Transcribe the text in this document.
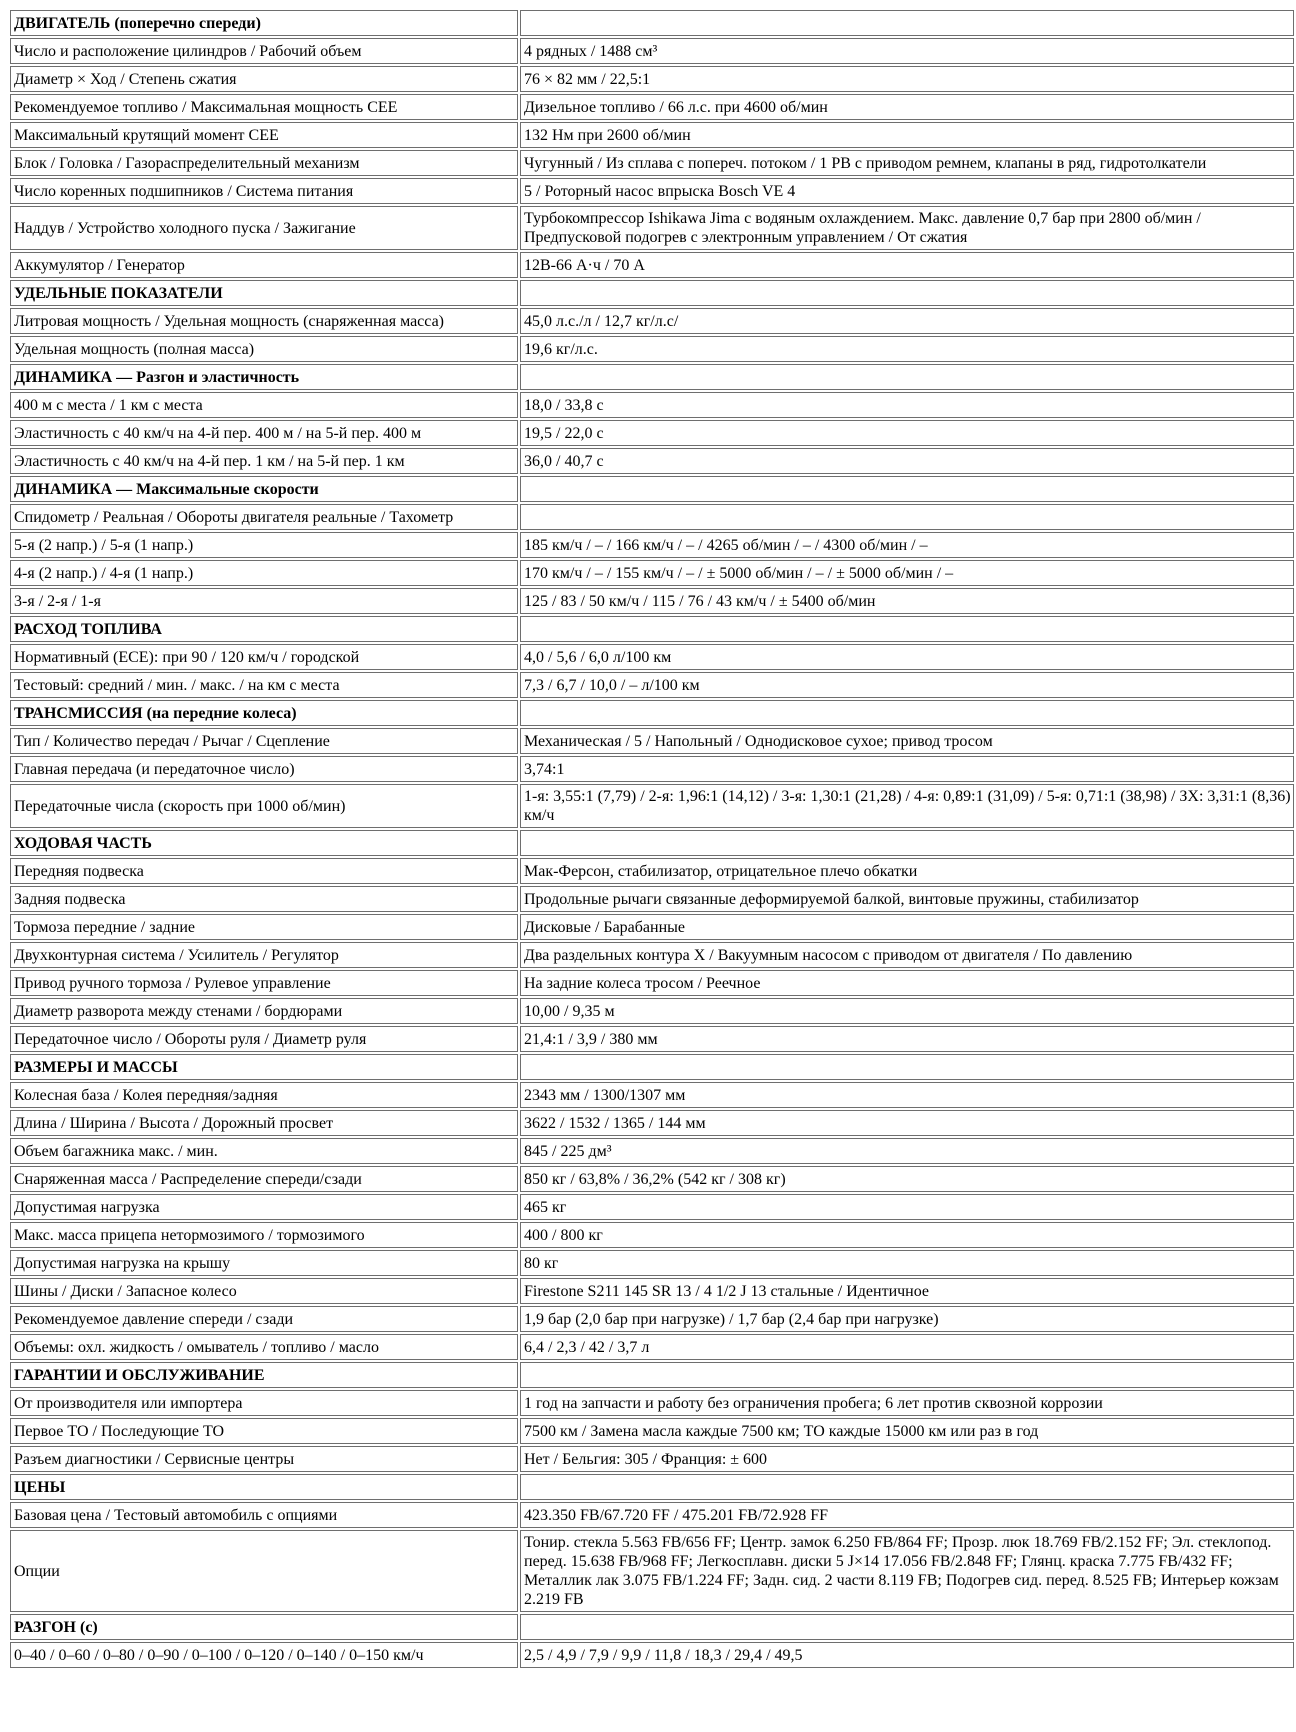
ДВИГАТЕЛЬ (поперечно спереди)	
Число и расположение цилиндров / Рабочий объем	4 рядных / 1488 см³
Диаметр × Ход / Степень сжатия	76 × 82 мм / 22,5:1
Рекомендуемое топливо / Максимальная мощность CEE	Дизельное топливо / 66 л.с. при 4600 об/мин
Максимальный крутящий момент CEE	132 Нм при 2600 об/мин
Блок / Головка / Газораспределительный механизм	Чугунный / Из сплава с попереч. потоком / 1 РВ с приводом ремнем, клапаны в ряд, гидротолкатели
Число коренных подшипников / Система питания	5 / Роторный насос впрыска Bosch VE 4
Наддув / Устройство холодного пуска / Зажигание	Турбокомпрессор Ishikawa Jima с водяным охлаждением. Макс. давление 0,7 бар при 2800 об/мин / Предпусковой подогрев с электронным управлением / От сжатия
Аккумулятор / Генератор	12В-66 А·ч / 70 А
УДЕЛЬНЫЕ ПОКАЗАТЕЛИ	
Литровая мощность / Удельная мощность (снаряженная масса)	45,0 л.с./л / 12,7 кг/л.с/
Удельная мощность (полная масса)	19,6 кг/л.с.
ДИНАМИКА — Разгон и эластичность	
400 м с места / 1 км с места	18,0 / 33,8 с
Эластичность с 40 км/ч на 4-й пер. 400 м / на 5-й пер. 400 м	19,5 / 22,0 с
Эластичность с 40 км/ч на 4-й пер. 1 км / на 5-й пер. 1 км	36,0 / 40,7 с
ДИНАМИКА — Максимальные скорости	
Спидометр / Реальная / Обороты двигателя реальные / Тахометр	
5-я (2 напр.) / 5-я (1 напр.)	185 км/ч / – / 166 км/ч / – / 4265 об/мин / – / 4300 об/мин / –
4-я (2 напр.) / 4-я (1 напр.)	170 км/ч / – / 155 км/ч / – / ± 5000 об/мин / – / ± 5000 об/мин / –
3-я / 2-я / 1-я	125 / 83 / 50 км/ч / 115 / 76 / 43 км/ч / ± 5400 об/мин
РАСХОД ТОПЛИВА	
Нормативный (ECE): при 90 / 120 км/ч / городской	4,0 / 5,6 / 6,0 л/100 км
Тестовый: средний / мин. / макс. / на км с места	7,3 / 6,7 / 10,0 / – л/100 км
ТРАНСМИССИЯ (на передние колеса)	
Тип / Количество передач / Рычаг / Сцепление	Механическая / 5 / Напольный / Однодисковое сухое; привод тросом
Главная передача (и передаточное число)	3,74:1
Передаточные числа (скорость при 1000 об/мин)	1-я: 3,55:1 (7,79) / 2-я: 1,96:1 (14,12) / 3-я: 1,30:1 (21,28) / 4-я: 0,89:1 (31,09) / 5-я: 0,71:1 (38,98) / ЗХ: 3,31:1 (8,36) км/ч
ХОДОВАЯ ЧАСТЬ	
Передняя подвеска	Мак-Ферсон, стабилизатор, отрицательное плечо обкатки
Задняя подвеска	Продольные рычаги связанные деформируемой балкой, винтовые пружины, стабилизатор
Тормоза передние / задние	Дисковые / Барабанные
Двухконтурная система / Усилитель / Регулятор	Два раздельных контура X / Вакуумным насосом с приводом от двигателя / По давлению
Привод ручного тормоза / Рулевое управление	На задние колеса тросом / Реечное
Диаметр разворота между стенами / бордюрами	10,00 / 9,35 м
Передаточное число / Обороты руля / Диаметр руля	21,4:1 / 3,9 / 380 мм
РАЗМЕРЫ И МАССЫ	
Колесная база / Колея передняя/задняя	2343 мм / 1300/1307 мм
Длина / Ширина / Высота / Дорожный просвет	3622 / 1532 / 1365 / 144 мм
Объем багажника макс. / мин.	845 / 225 дм³
Снаряженная масса / Распределение спереди/сзади	850 кг / 63,8% / 36,2% (542 кг / 308 кг)
Допустимая нагрузка	465 кг
Макс. масса прицепа нетормозимого / тормозимого	400 / 800 кг
Допустимая нагрузка на крышу	80 кг
Шины / Диски / Запасное колесо	Firestone S211 145 SR 13 / 4 1/2 J 13 стальные / Идентичное
Рекомендуемое давление спереди / сзади	1,9 бар (2,0 бар при нагрузке) / 1,7 бар (2,4 бар при нагрузке)
Объемы: охл. жидкость / омыватель / топливо / масло	6,4 / 2,3 / 42 / 3,7 л
ГАРАНТИИ И ОБСЛУЖИВАНИЕ	
От производителя или импортера	1 год на запчасти и работу без ограничения пробега; 6 лет против сквозной коррозии
Первое ТО / Последующие ТО	7500 км / Замена масла каждые 7500 км; ТО каждые 15000 км или раз в год
Разъем диагностики / Сервисные центры	Нет / Бельгия: 305 / Франция: ± 600
ЦЕНЫ	
Базовая цена / Тестовый автомобиль с опциями	423.350 FB/67.720 FF / 475.201 FB/72.928 FF
Опции	Тонир. стекла 5.563 FB/656 FF; Центр. замок 6.250 FB/864 FF; Прозр. люк 18.769 FB/2.152 FF; Эл. стеклопод. перед. 15.638 FB/968 FF; Легкосплавн. диски 5 J×14 17.056 FB/2.848 FF; Глянц. краска 7.775 FB/432 FF; Металлик лак 3.075 FB/1.224 FF; Задн. сид. 2 части 8.119 FB; Подогрев сид. перед. 8.525 FB; Интерьер кожзам 2.219 FB
РАЗГОН (с)	
0–40 / 0–60 / 0–80 / 0–90 / 0–100 / 0–120 / 0–140 / 0–150 км/ч	2,5 / 4,9 / 7,9 / 9,9 / 11,8 / 18,3 / 29,4 / 49,5
